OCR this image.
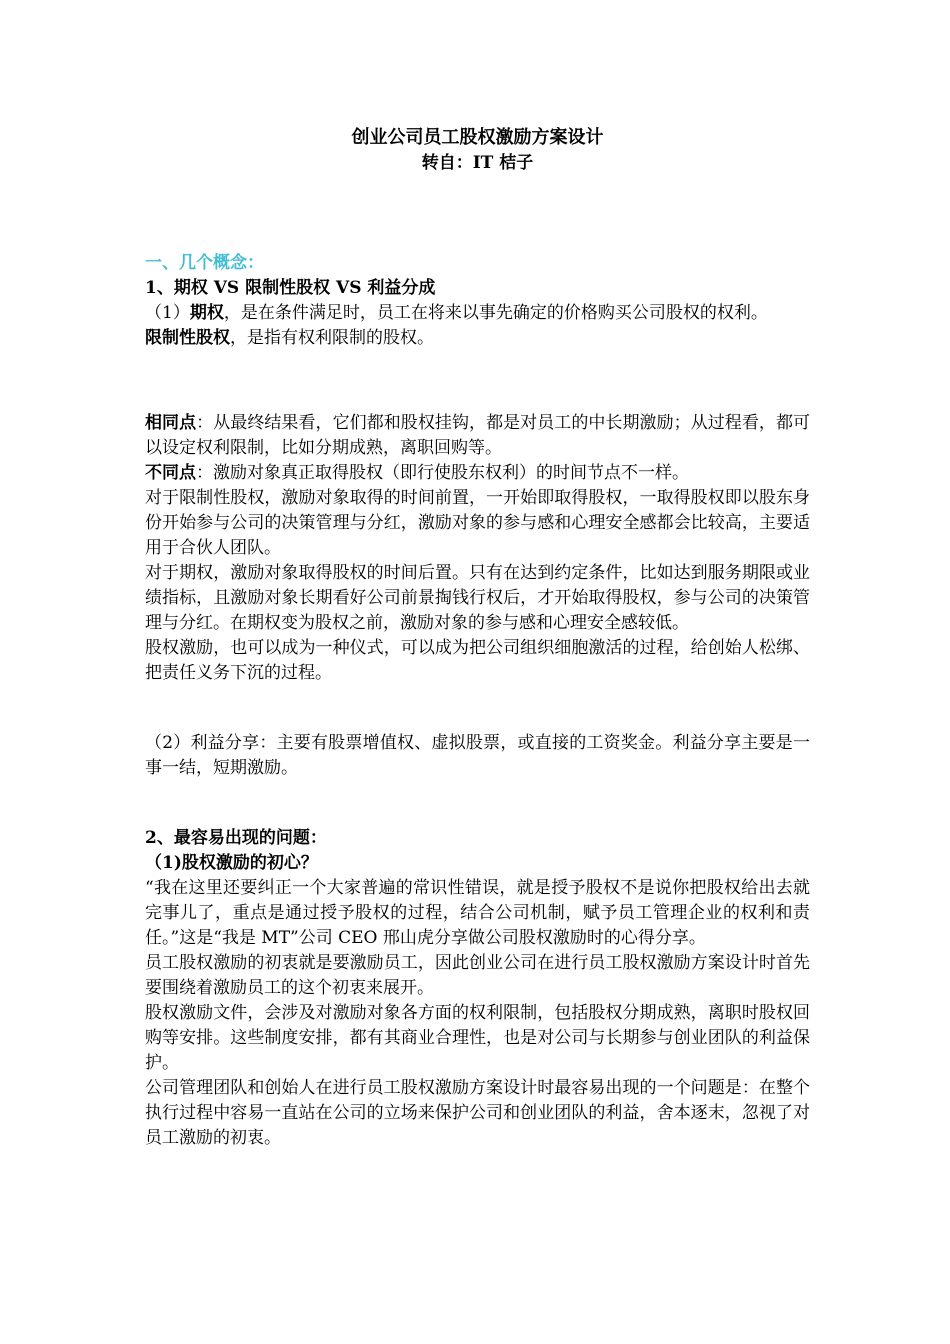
创业公司员工股权激励方案设计
转自：IT 桔子
一、几个概念：
1、期权 VS 限制性股权 VS 利益分成

（1）期权，是在条件满足时，员工在将来以事先确定的价格购买公司股权的权利。

限制性股权，是指有权利限制的股权。

相同点：从最终结果看，它们都和股权挂钩，都是对员工的中长期激励；从过程看，都可以设定权利限制，比如分期成熟，离职回购等。

不同点：激励对象真正取得股权（即行使股东权利）的时间节点不一样。

对于限制性股权，激励对象取得的时间前置，一开始即取得股权，一取得股权即以股东身份开始参与公司的决策管理与分红，激励对象的参与感和心理安全感都会比较高，主要适用于合伙人团队。

对于期权，激励对象取得股权的时间后置。只有在达到约定条件，比如达到服务期限或业绩指标，且激励对象长期看好公司前景掏钱行权后，才开始取得股权，参与公司的决策管理与分红。在期权变为股权之前，激励对象的参与感和心理安全感较低。

股权激励，也可以成为一种仪式，可以成为把公司组织细胞激活的过程，给创始人松绑、把责任义务下沉的过程。

（2）利益分享：主要有股票增值权、虚拟股票，或直接的工资奖金。利益分享主要是一事一结，短期激励。

2、最容易出现的问题：
（1)股权激励的初心？

“我在这里还要纠正一个大家普遍的常识性错误，就是授予股权不是说你把股权给出去就完事儿了，重点是通过授予股权的过程，结合公司机制，赋予员工管理企业的权利和责任。”这是“我是 MT”公司 CEO 邢山虎分享做公司股权激励时的心得分享。

员工股权激励的初衷就是要激励员工，因此创业公司在进行员工股权激励方案设计时首先要围绕着激励员工的这个初衷来展开。

股权激励文件，会涉及对激励对象各方面的权利限制，包括股权分期成熟，离职时股权回购等安排。这些制度安排，都有其商业合理性，也是对公司与长期参与创业团队的利益保护。

公司管理团队和创始人在进行员工股权激励方案设计时最容易出现的一个问题是：在整个执行过程中容易一直站在公司的立场来保护公司和创业团队的利益，舍本逐末，忽视了对员工激励的初衷。
